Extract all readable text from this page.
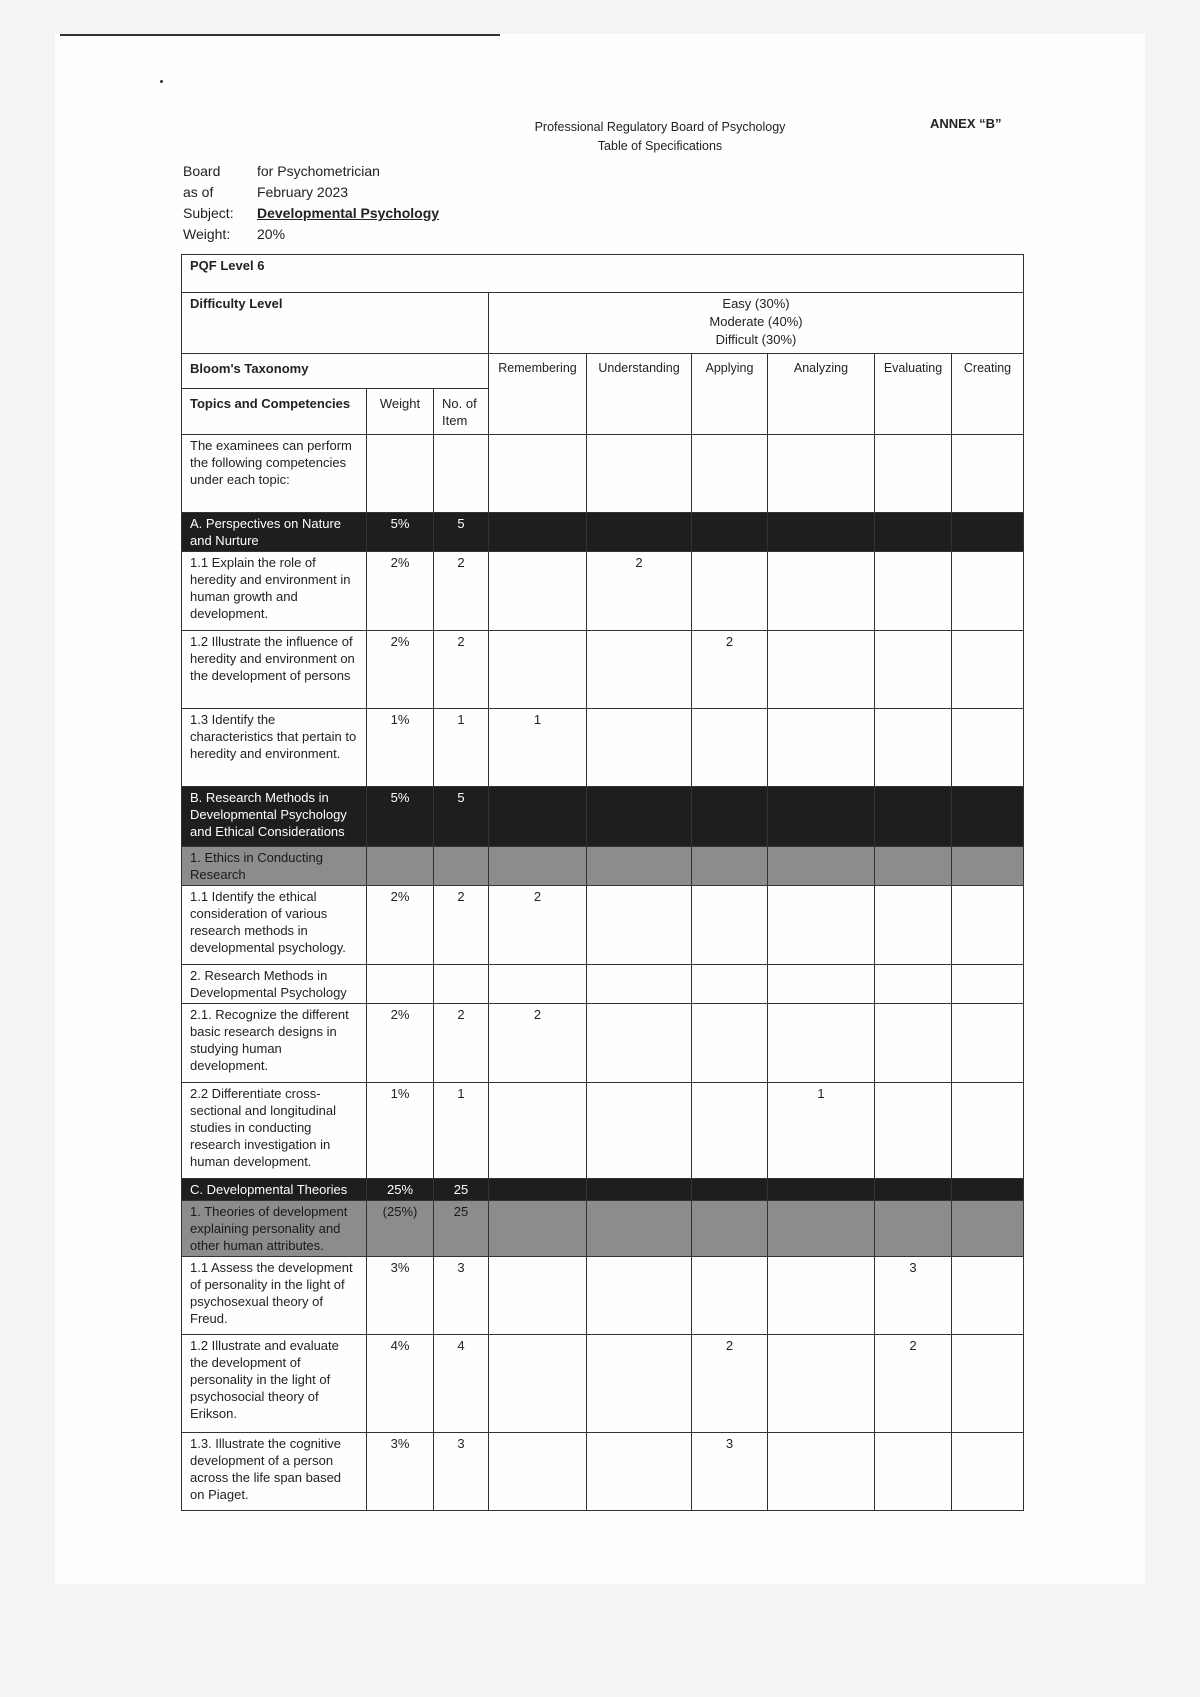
Professional Regulatory Board of Psychology
Table of Specifications
ANNEX “B”
Board	for Psychometrician
as of	February 2023
Subject:	Developmental Psychology
Weight:	20%
PQF Level 6								
Difficulty Level			Easy (30%)
Moderate (40%)
Difficult (30%)					

Bloom's Taxonomy			Remembering	Understanding	Applying	Analyzing	Evaluating	Creating
Topics and Competencies	Weight	No. of Item						
The examinees can perform the following competencies under each topic:								
A. Perspectives on Nature and Nurture	5%	5						
1.1 Explain the role of heredity and environment in human growth and development.	2%	2		2				
1.2 Illustrate the influence of heredity and environment on the development of persons	2%	2			2			
1.3 Identify the characteristics that pertain to heredity and environment.	1%	1	1					
B. Research Methods in Developmental Psychology and Ethical Considerations	5%	5						
1. Ethics in Conducting Research								
1.1 Identify the ethical consideration of various research methods in developmental psychology.	2%	2	2					
2. Research Methods in Developmental Psychology								
2.1. Recognize the different basic research designs in studying human development.	2%	2	2					
2.2 Differentiate cross-sectional and longitudinal studies in conducting research investigation in human development.	1%	1				1		
C. Developmental Theories	25%	25						
1. Theories of development explaining personality and other human attributes.	(25%)	25						
1.1 Assess the development of personality in the light of psychosexual theory of Freud.	3%	3					3	
1.2 Illustrate and evaluate the development of personality in the light of psychosocial theory of Erikson.	4%	4			2		2	
1.3. Illustrate the cognitive development of a person across the life span based on Piaget.	3%	3			3			
